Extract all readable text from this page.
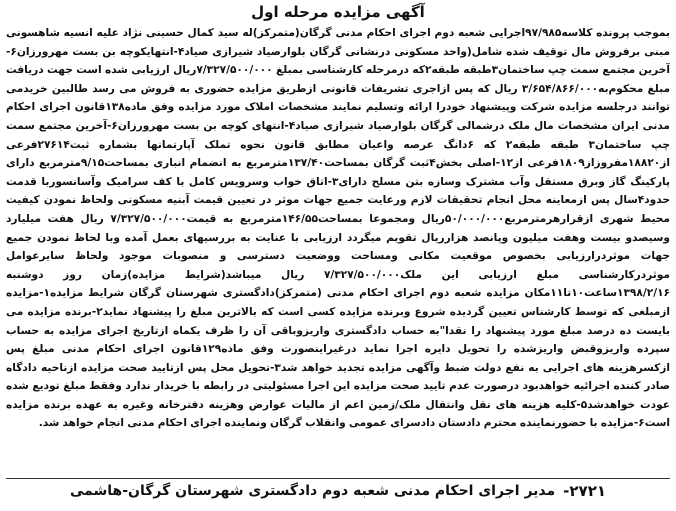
آگهی مزایده مرحله اول

بموجب پرونده کلاسه۹۷/۹۸۵اجرایی شعبه دوم اجرای احکام مدنی گرگان(متمرکز)له سید کمال حسینی نژاد علیه انسیه شاهسونی مبنی برفروش مال توقیف شده شامل(واحد مسکونی درنشانی گرگان بلوارصیاد شیرازی صیاد۴-انتهایکوچه بن بست مهرورزان۶-آخرین مجتمع سمت چپ ساختمان۳طبقه طبقه۲که درمرحله کارشناسی بمبلغ ۷/۳۲۷/۵۰۰/۰۰۰ریال ارزیابی شده است جهت دریافت مبلغ محکوم‌به۳/۶۵۴/۸۶۶/۰۰۰ ریال که پس ازاجری تشریفات قانونی ازطریق مزایده حضوری به فروش می رسد طالبین خریدمی توانند درجلسه مزایده شرکت وپیشنهاد خودرا ارائه وتسلیم نمایند مشخصات املاک مورد مزایده وفق ماده۱۳۸قانون اجرای احکام مدنی ایران مشخصات مال ملک درشمالی گرگان بلوارصیاد شیرازی صیاد۴-انتهای کوچه بن بست مهرورزان۶-آخرین مجتمع سمت چپ ساختمان۳ طبقه طبقه۲ که ۶دانگ عرصه واعیان مطابق قانون نحوه تملک آپارتمانها بشماره ثبت۲۷۶۱۴فرعی از۱۸۸۲۰مفروزاز۱۸۰۹فرعی از۱۲-اصلی بخش۴ثبت گرگان بمساحت۱۳۷/۴۰مترمربع به انضمام انباری بمساحت۹/۱۵مترمربع دارای پارکینگ گاز وبرق مستقل وآب مشترک وسازه بتن مسلح دارای۳-اتاق خواب وسرویس کامل با کف سرامیک وآسانسوربا قدمت حدود۴سال پس ازمعاینه محل انجام تحقیقات لازم ورعایت جمیع جهات موثر در تعیین قیمت آبنیه مسکونی ولحاظ نمودن کیفیت محیط شهری ازقرارهرمترمربع۵۰/۰۰۰/۰۰۰ریال ومجموعا بمساحت۱۴۶/۵۵مترمربع به قیمت۷/۳۲۷/۵۰۰/۰۰۰ ریال هفت میلیارد وسیصدو بیست وهفت میلیون وپانصد هزارریال تقویم میگردد ارزیابی با عنایت به بررسیهای بعمل آمده وبا لحاظ نمودن جمیع جهات موثردرارزیابی بخصوص موقعیت مکانی ومساحت ووضعیت دسترسی و منصوبات موجود ولحاظ سایرعوامل موثردرکارشناسی مبلغ ارزیابی این ملک۷/۳۲۷/۵۰۰/۰۰۰ ریال میباشد(شرایط مزایده)زمان روز دوشنبه ۱۳۹۸/۲/۱۶ساعت۱۰تا۱۱مکان مزایده شعبه دوم اجرای احکام مدنی (متمرکز)دادگستری شهرستان گرگان شرایط مزایده۱-مزایده ازمبلغی که توسط کارشناس تعیین گردیده شروع وبرنده مزایده کسی است که بالاترین مبلغ را پیشنهاد نماید۲-برنده مزایده می بایست ده درصد مبلغ مورد پیشنهاد را نقدا"به حساب دادگستری واریزوباقی آن را ظرف یکماه ازتاریخ اجرای مزایده به حساب سپرده واریزوقبض واریزشده را تحویل دایره اجرا نماید درغیراینصورت وفق ماده۱۲۹قانون اجرای احکام مدنی مبلغ پس ازکسرهزینه های اجرایی به نفع دولت ضبط وآگهی مزایده تجدید خواهد شد۳-تحویل محل پس ازتایید صحت مزایده ازناحیه دادگاه صادر کننده اجرائیه خواهدبود درصورت عدم تایید صحت مزایده این اجرا مسئولیتی در رابطه با خریدار ندارد وفقط مبلغ تودیع شده عودت خواهدشد۵-کلیه هزینه های نقل وانتقال ملک/زمین اعم از مالیات عوارض وهزینه دفترخانه وغیره به عهده برنده مزایده است۶-مزایده با حضورنماینده محترم دادستان دادسرای عمومی وانقلاب گرگان ونماینده اجرای احکام مدنی انجام خواهد شد.

۲۷۲۱-
مدیر اجرای احکام مدنی شعبه دوم دادگستری شهرستان گرگان-هاشمی
